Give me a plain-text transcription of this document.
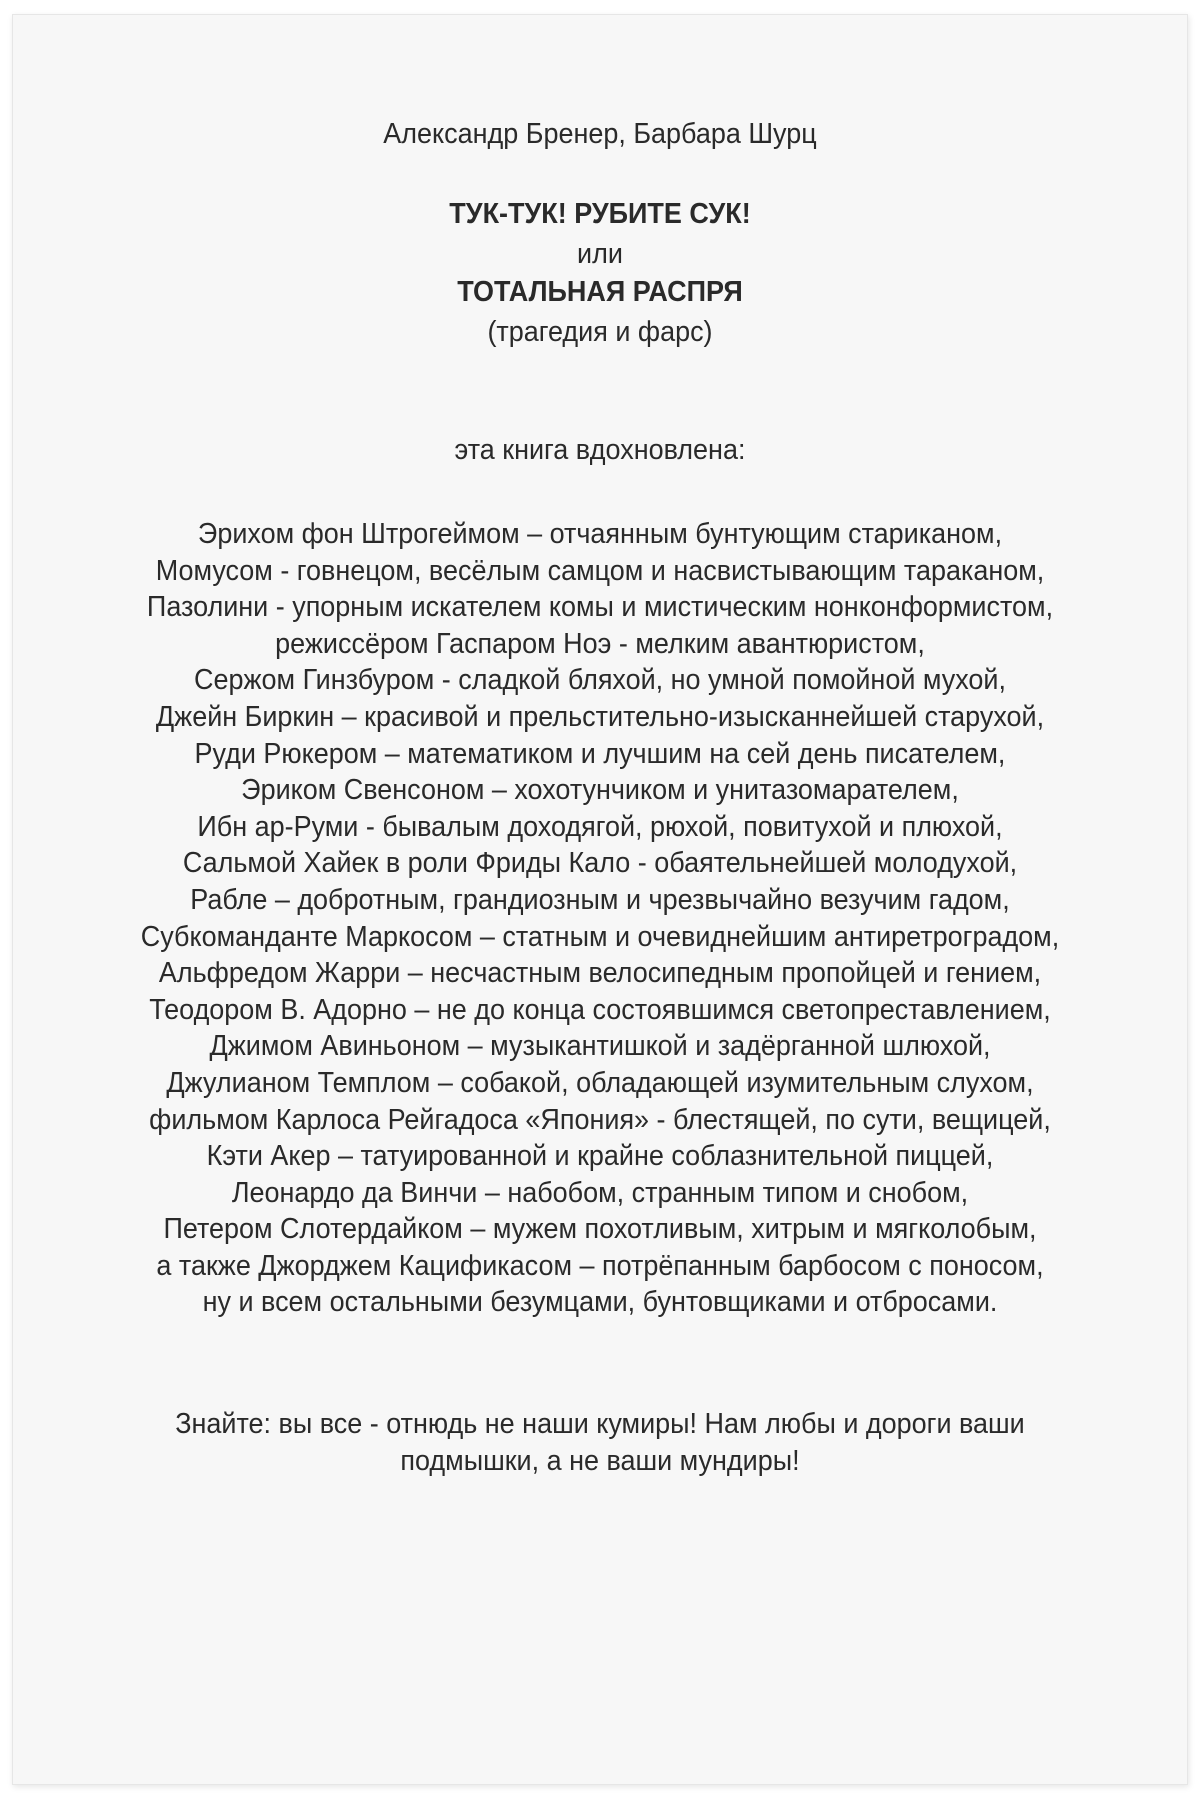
Александр Бренер, Барбара Шурц
ТУК-ТУК! РУБИТЕ СУК!
или
ТОТАЛЬНАЯ РАСПРЯ
(трагедия и фарс)
эта книга вдохновлена:
Эрихом фон Штрогеймом – отчаянным бунтующим стариканом,
Момусом - говнецом, весёлым самцом и насвистывающим тараканом,
Пазолини - упорным искателем комы и мистическим нонконформистом,
режиссёром Гаспаром Ноэ - мелким авантюристом,
Сержом Гинзбуром - сладкой бляхой, но умной помойной мухой,
Джейн Биркин – красивой и прельстительно-изысканнейшей старухой,
Руди Рюкером – математиком и лучшим на сей день писателем,
Эриком Свенсоном – хохотунчиком и унитазомарателем,
Ибн ар-Руми - бывалым доходягой, рюхой, повитухой и плюхой,
Сальмой Хайек в роли Фриды Кало - обаятельнейшей молодухой,
Рабле – добротным, грандиозным и чрезвычайно везучим гадом,
Субкоманданте Маркосом – статным и очевиднейшим антиретроградом,
Альфредом Жарри – несчастным велосипедным пропойцей и гением,
Теодором В. Адорно – не до конца состоявшимся светопреставлением,
Джимом Авиньоном – музыкантишкой и задёрганной шлюхой,
Джулианом Темплом – собакой, обладающей изумительным слухом,
фильмом Карлоса Рейгадоса «Япония» - блестящей, по сути, вещицей,
Кэти Акер – татуированной и крайне соблазнительной пиццей,
Леонардо да Винчи – набобом, странным типом и снобом,
Петером Слотердайком – мужем похотливым, хитрым и мягколобым,
а также Джорджем Кацификасом – потрёпанным барбосом с поносом,
ну и всем остальными безумцами, бунтовщиками и отбросами.
Знайте: вы все - отнюдь не наши кумиры! Нам любы и дороги ваши
подмышки, а не ваши мундиры!
